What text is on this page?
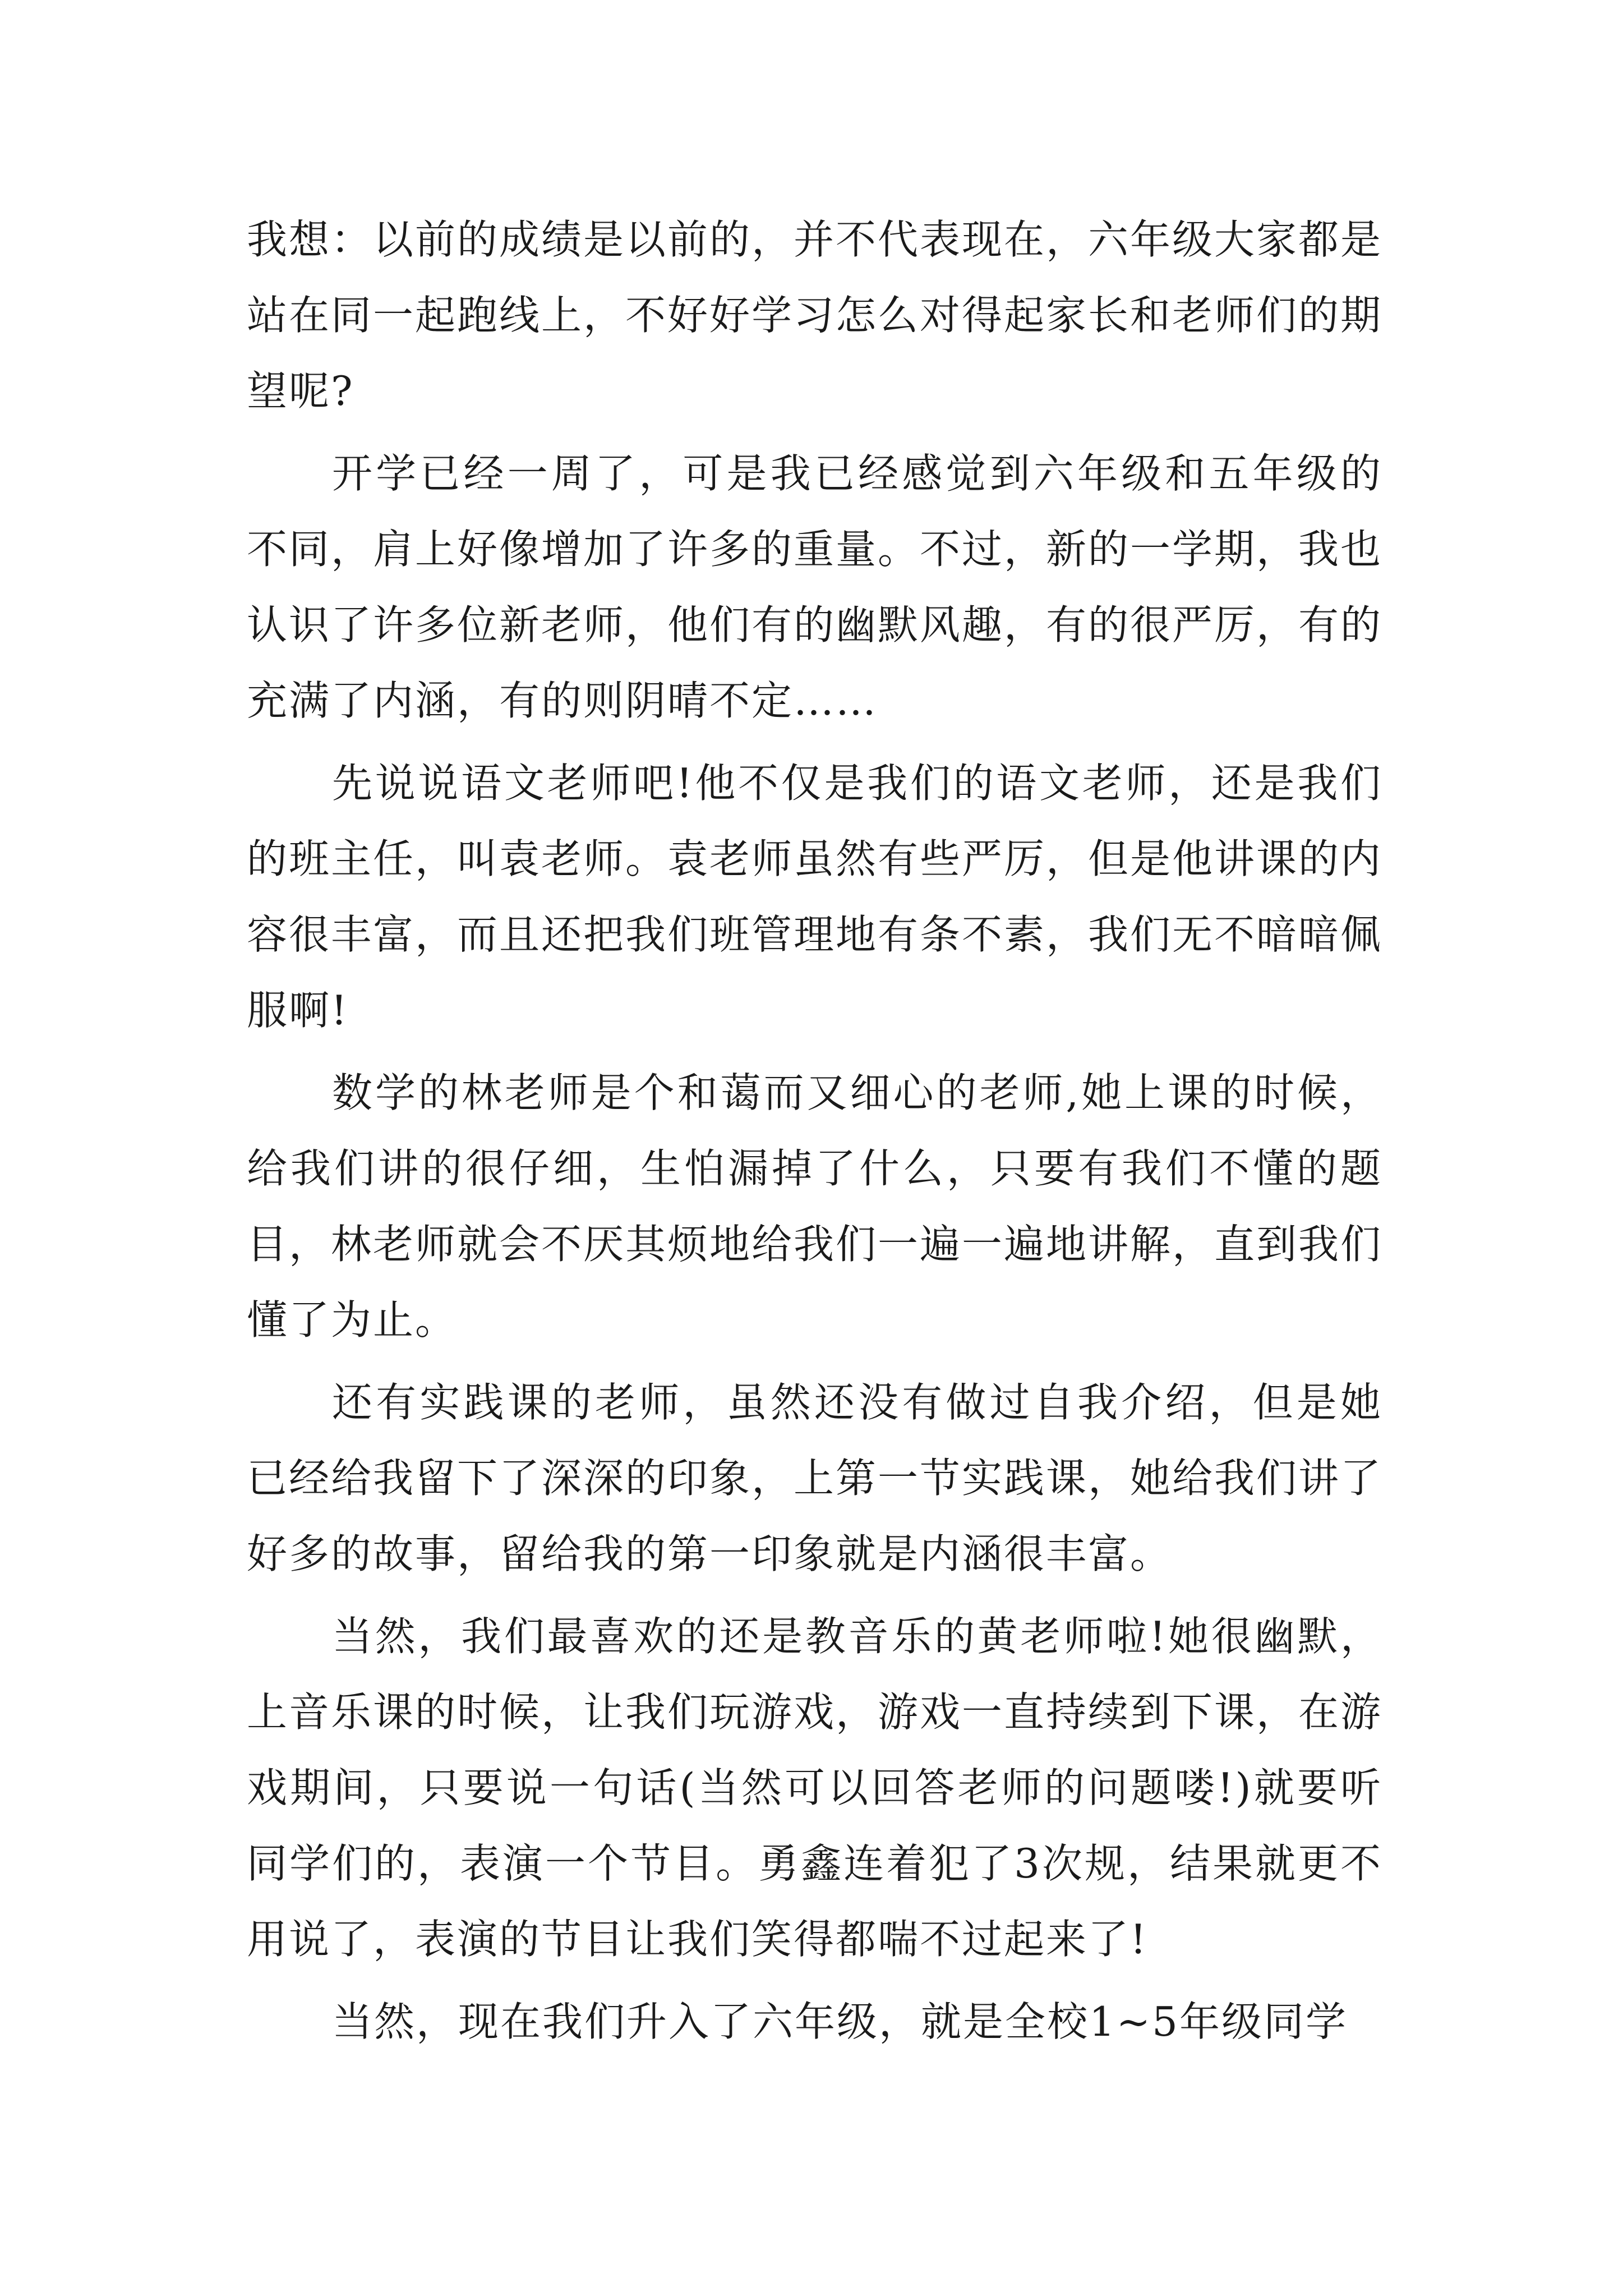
我想：以前的成绩是以前的，并不代表现在，六年级大家都是站在同一起跑线上，不好好学习怎么对得起家长和老师们的期望呢?

开学已经一周了，可是我已经感觉到六年级和五年级的不同，肩上好像增加了许多的重量。不过，新的一学期，我也认识了许多位新老师，他们有的幽默风趣，有的很严厉，有的充满了内涵，有的则阴晴不定……

先说说语文老师吧!他不仅是我们的语文老师，还是我们的班主任，叫袁老师。袁老师虽然有些严厉，但是他讲课的内容很丰富，而且还把我们班管理地有条不素，我们无不暗暗佩服啊!

数学的林老师是个和蔼而又细心的老师,她上课的时候，给我们讲的很仔细，生怕漏掉了什么，只要有我们不懂的题目，林老师就会不厌其烦地给我们一遍一遍地讲解，直到我们懂了为止。

还有实践课的老师，虽然还没有做过自我介绍，但是她已经给我留下了深深的印象，上第一节实践课，她给我们讲了好多的故事，留给我的第一印象就是内涵很丰富。

当然，我们最喜欢的还是教音乐的黄老师啦!她很幽默，上音乐课的时候，让我们玩游戏，游戏一直持续到下课，在游戏期间，只要说一句话(当然可以回答老师的问题喽!)就要听同学们的，表演一个节目。勇鑫连着犯了3次规，结果就更不用说了，表演的节目让我们笑得都喘不过起来了!

当然，现在我们升入了六年级，就是全校1~5年级同学
